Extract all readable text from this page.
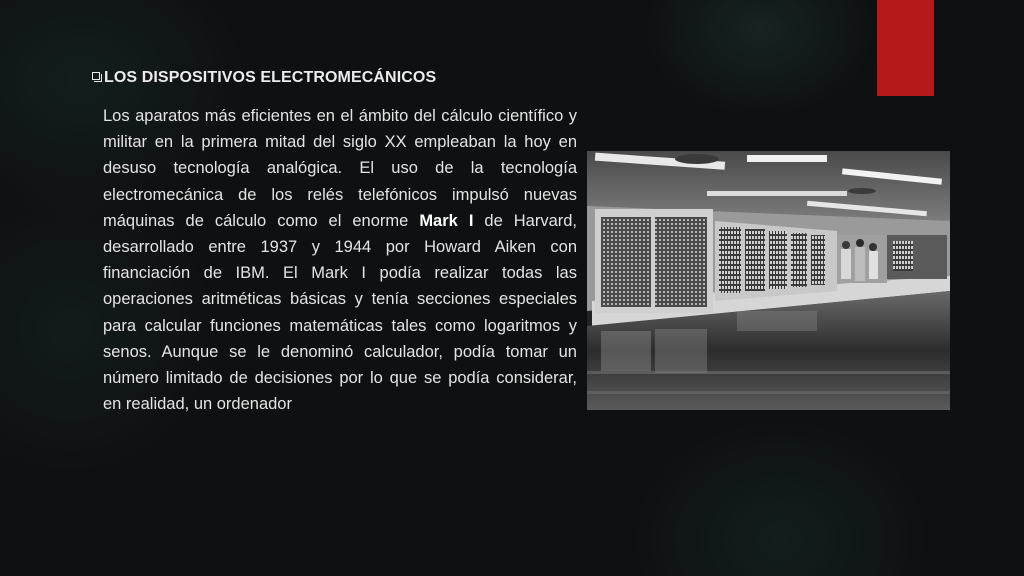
LOS DISPOSITIVOS ELECTROMECÁNICOS

Los aparatos más eficientes en el ámbito del cálculo científico y militar en la primera mitad del siglo XX empleaban la hoy en desuso tecnología analógica. El uso de la tecnología electromecánica de los relés telefónicos impulsó nuevas máquinas de cálculo como el enorme Mark I de Harvard, desarrollado entre 1937 y 1944 por Howard Aiken con financiación de IBM. El Mark I podía realizar todas las operaciones aritméticas básicas y tenía secciones especiales para calcular funciones matemáticas tales como logaritmos y senos. Aunque se le denominó calculador, podía tomar un número limitado de decisiones por lo que se podía considerar, en realidad, un ordenador
